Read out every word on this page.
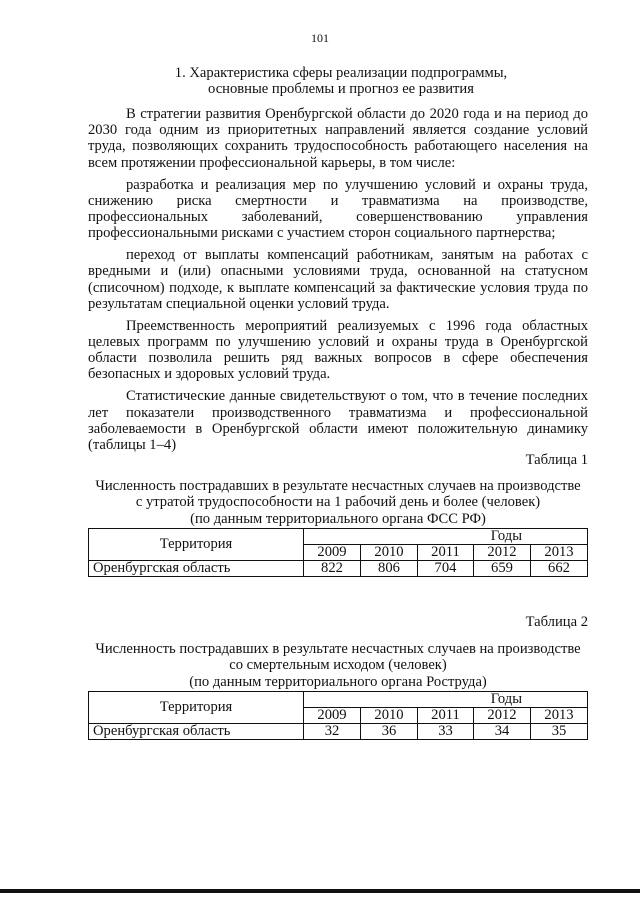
101
1. Характеристика сферы реализации подпрограммы,
основные проблемы и прогноз ее развития

В стратегии развития Оренбургской области до 2020 года и на период до 2030 года одним из приоритетных направлений является создание условий труда, позволяющих сохранить трудоспособность работающего населения на всем протяжении профессиональной карьеры, в том числе:

разработка и реализация мер по улучшению условий и охраны труда, снижению риска смертности и травматизма на производстве, профессиональных заболеваний, совершенствованию управления профессиональными рисками с участием сторон социального партнерства;

переход от выплаты компенсаций работникам, занятым на работах с вредными и (или) опасными условиями труда, основанной на статусном (списочном) подходе, к выплате компенсаций за фактические условия труда по результатам специальной оценки условий труда.

Преемственность мероприятий реализуемых с 1996 года областных целевых программ по улучшению условий и охраны труда в Оренбургской области позволила решить ряд важных вопросов в сфере обеспечения безопасных и здоровых условий труда.

Статистические данные свидетельствуют о том, что в течение последних лет показатели производственного травматизма и профессиональной заболеваемости в Оренбургской области имеют положительную динамику (таблицы 1–4)

Таблица 1
Численность пострадавших в результате несчастных случаев на производстве
с утратой трудоспособности на 1 рабочий день и более (человек)
(по данным территориального органа ФСС РФ)
Территория	Годы				
	2009	2010	2011	2012	2013
Оренбургская область	822	806	704	659	662
Таблица 2
Численность пострадавших в результате несчастных случаев на производстве
со смертельным исходом (человек)
(по данным территориального органа Роструда)
Территория	Годы				
	2009	2010	2011	2012	2013
Оренбургская область	32	36	33	34	35
